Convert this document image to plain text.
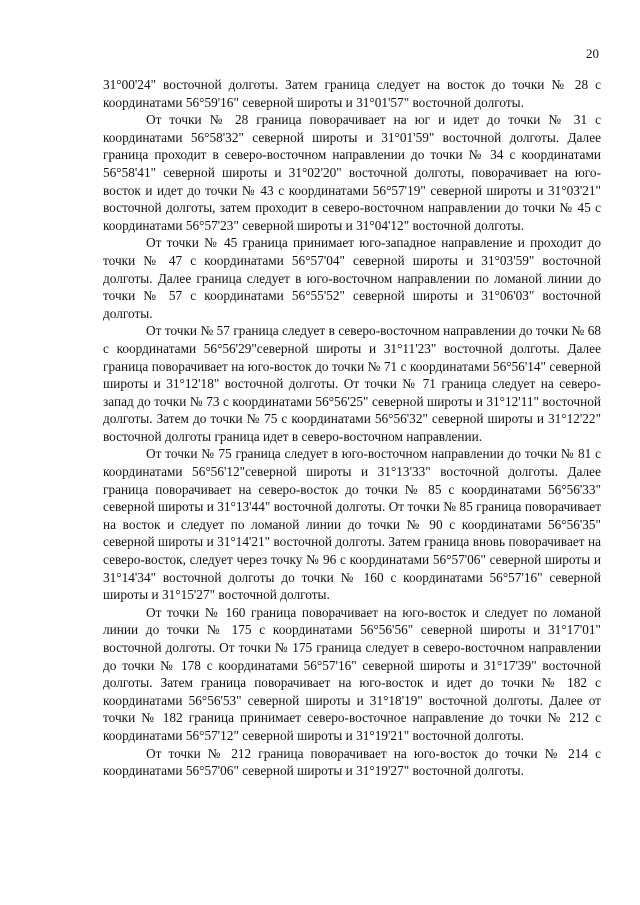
20

31°00'24" восточной долготы. Затем граница следует на восток до точки № 28 с координатами 56°59'16" северной широты и 31°01'57" восточной долготы.

От точки № 28 граница поворачивает на юг и идет до точки № 31 с координатами 56°58'32" северной широты и 31°01'59" восточной долготы. Далее граница проходит в северо-восточном направлении до точки № 34 с координатами 56°58'41" северной широты и 31°02'20" восточной долготы, поворачивает на юго-восток и идет до точки № 43 с координатами 56°57'19" северной широты и 31°03'21" восточной долготы, затем проходит в северо-восточном направлении до точки № 45 с координатами 56°57'23" северной широты и 31°04'12" восточной долготы.

От точки № 45 граница принимает юго-западное направление и проходит до точки № 47 с координатами 56°57'04" северной широты и 31°03'59" восточной долготы. Далее граница следует в юго-восточном направлении по ломаной линии до точки № 57 с координатами 56°55'52" северной широты и 31°06'03" восточной долготы.

От точки № 57 граница следует в северо-восточном направлении до точки № 68 с координатами 56°56'29"северной широты и 31°11'23" восточной долготы. Далее граница поворачивает на юго-восток до точки № 71 с координатами 56°56'14" северной широты и 31°12'18" восточной долготы. От точки № 71 граница следует на северо-запад до точки № 73 с координатами 56°56'25" северной широты и 31°12'11" восточной долготы. Затем до точки № 75 с координатами 56°56'32" северной широты и 31°12'22" восточной долготы граница идет в северо-восточном направлении.

От точки № 75 граница следует в юго-восточном направлении до точки № 81 с координатами 56°56'12"северной широты и 31°13'33" восточной долготы. Далее граница поворачивает на северо-восток до точки № 85 с координатами 56°56'33" северной широты и 31°13'44" восточной долготы. От точки № 85 граница поворачивает на восток и следует по ломаной линии до точки № 90 с координатами 56°56'35" северной широты и 31°14'21" восточной долготы. Затем граница вновь поворачивает на северо-восток, следует через точку № 96 с координатами 56°57'06" северной широты и 31°14'34" восточной долготы до точки № 160 с координатами 56°57'16" северной широты и 31°15'27" восточной долготы.

От точки № 160 граница поворачивает на юго-восток и следует по ломаной линии до точки № 175 с координатами 56°56'56" северной широты и 31°17'01" восточной долготы. От точки № 175 граница следует в северо-восточном направлении до точки № 178 с координатами 56°57'16" северной широты и 31°17'39" восточной долготы. Затем граница поворачивает на юго-восток и идет до точки № 182 с координатами 56°56'53" северной широты и 31°18'19" восточной долготы. Далее от точки № 182 граница принимает северо-восточное направление до точки № 212 с координатами 56°57'12" северной широты и 31°19'21" восточной долготы.

От точки № 212 граница поворачивает на юго-восток до точки № 214 с координатами 56°57'06" северной широты и 31°19'27" восточной долготы.
